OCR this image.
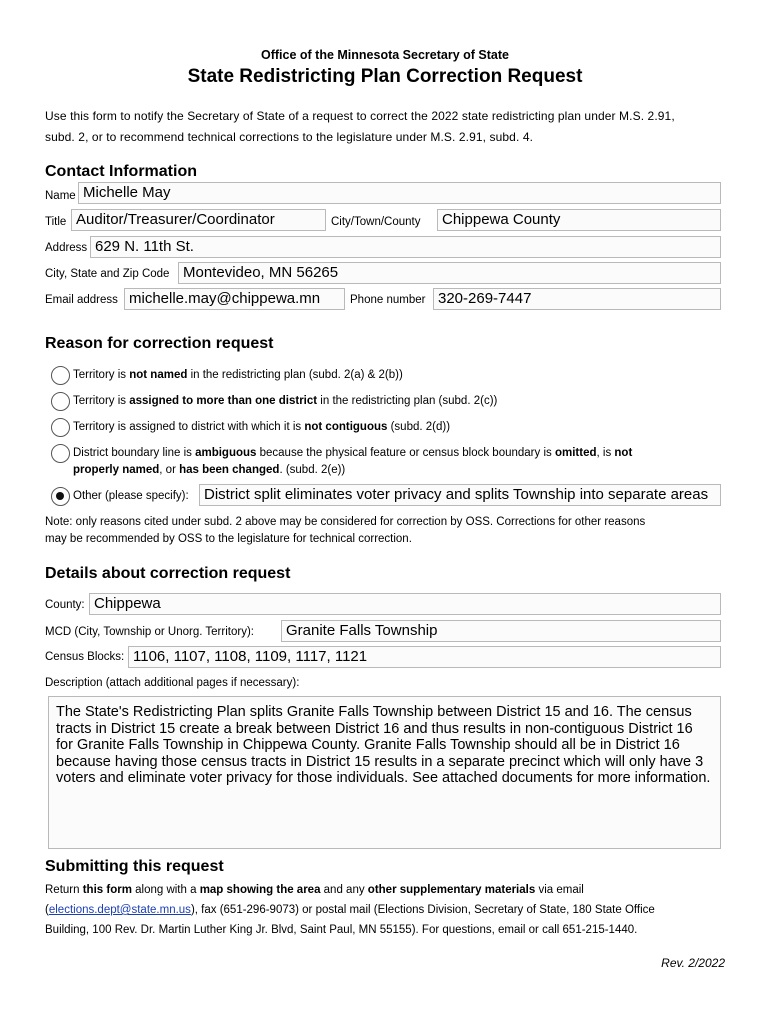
Office of the Minnesota Secretary of State
State Redistricting Plan Correction Request
Use this form to notify the Secretary of State of a request to correct the 2022 state redistricting plan under M.S. 2.91,
subd. 2, or to recommend technical corrections to the legislature under M.S. 2.91, subd. 4.
Contact Information
Name Michelle May
Title Auditor/Treasurer/Coordinator	City/Town/County	Chippewa County
Address 629 N. 11th St.
City, State and Zip Code Montevideo, MN 56265
Email address michelle.may@chippewa.mn	Phone number 320-269-7447
Reason for correction request
Territory is not named in the redistricting plan (subd. 2(a) & 2(b))
Territory is assigned to more than one district in the redistricting plan (subd. 2(c))
Territory is assigned to district with which it is not contiguous (subd. 2(d))
District boundary line is ambiguous because the physical feature or census block boundary is omitted, is not
properly named, or has been changed. (subd. 2(e))
Other (please specify):	District split eliminates voter privacy and splits Township into separate areas
Note: only reasons cited under subd. 2 above may be considered for correction by OSS. Corrections for other reasons
may be recommended by OSS to the legislature for technical correction.
Details about correction request
County: Chippewa
MCD (City, Township or Unorg. Territory):	Granite Falls Township
Census Blocks: 1106, 1107, 1108, 1109, 1117, 1121
Description (attach additional pages if necessary):
The State's Redistricting Plan splits Granite Falls Township between District 15 and 16. The census tracts in District 15 create a break between District 16 and thus results in non-contiguous District 16 for Granite Falls Township in Chippewa County. Granite Falls Township should all be in District 16 because having those census tracts in District 15 results in a separate precinct which will only have 3 voters and eliminate voter privacy for those individuals. See attached documents for more information.
Submitting this request
Return this form along with a map showing the area and any other supplementary materials via email
(elections.dept@state.mn.us), fax (651-296-9073) or postal mail (Elections Division, Secretary of State, 180 State Office
Building, 100 Rev. Dr. Martin Luther King Jr. Blvd, Saint Paul, MN 55155). For questions, email or call 651-215-1440.
Rev. 2/2022
